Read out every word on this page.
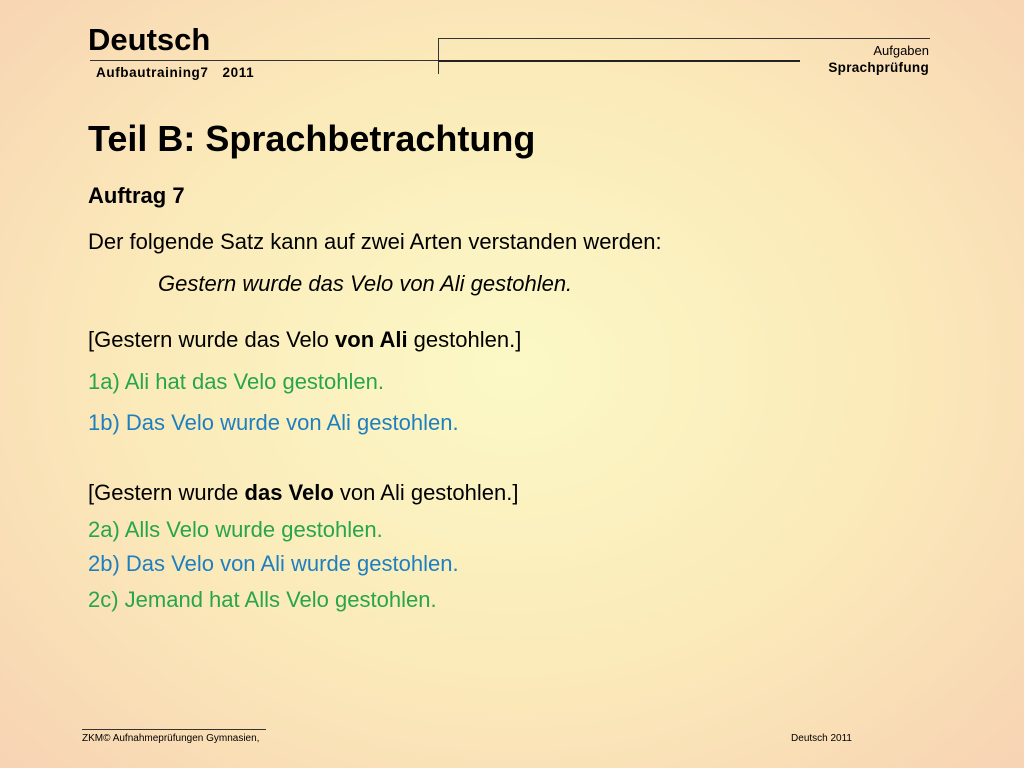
Deutsch
Aufbautraining7 2011
Aufgaben
Sprachprüfung
Teil B: Sprachbetrachtung
Auftrag 7
Der folgende Satz kann auf zwei Arten verstanden werden:
Gestern wurde das Velo von Ali gestohlen.
[Gestern wurde das Velo von Ali gestohlen.]
1a) Ali hat das Velo gestohlen.
1b) Das Velo wurde von Ali gestohlen.
[Gestern wurde das Velo von Ali gestohlen.]
2a) Alls Velo wurde gestohlen.
2b) Das Velo von Ali wurde gestohlen.
2c) Jemand hat Alls Velo gestohlen.
ZKM© Aufnahmeprüfungen Gymnasien,	Deutsch 2011
